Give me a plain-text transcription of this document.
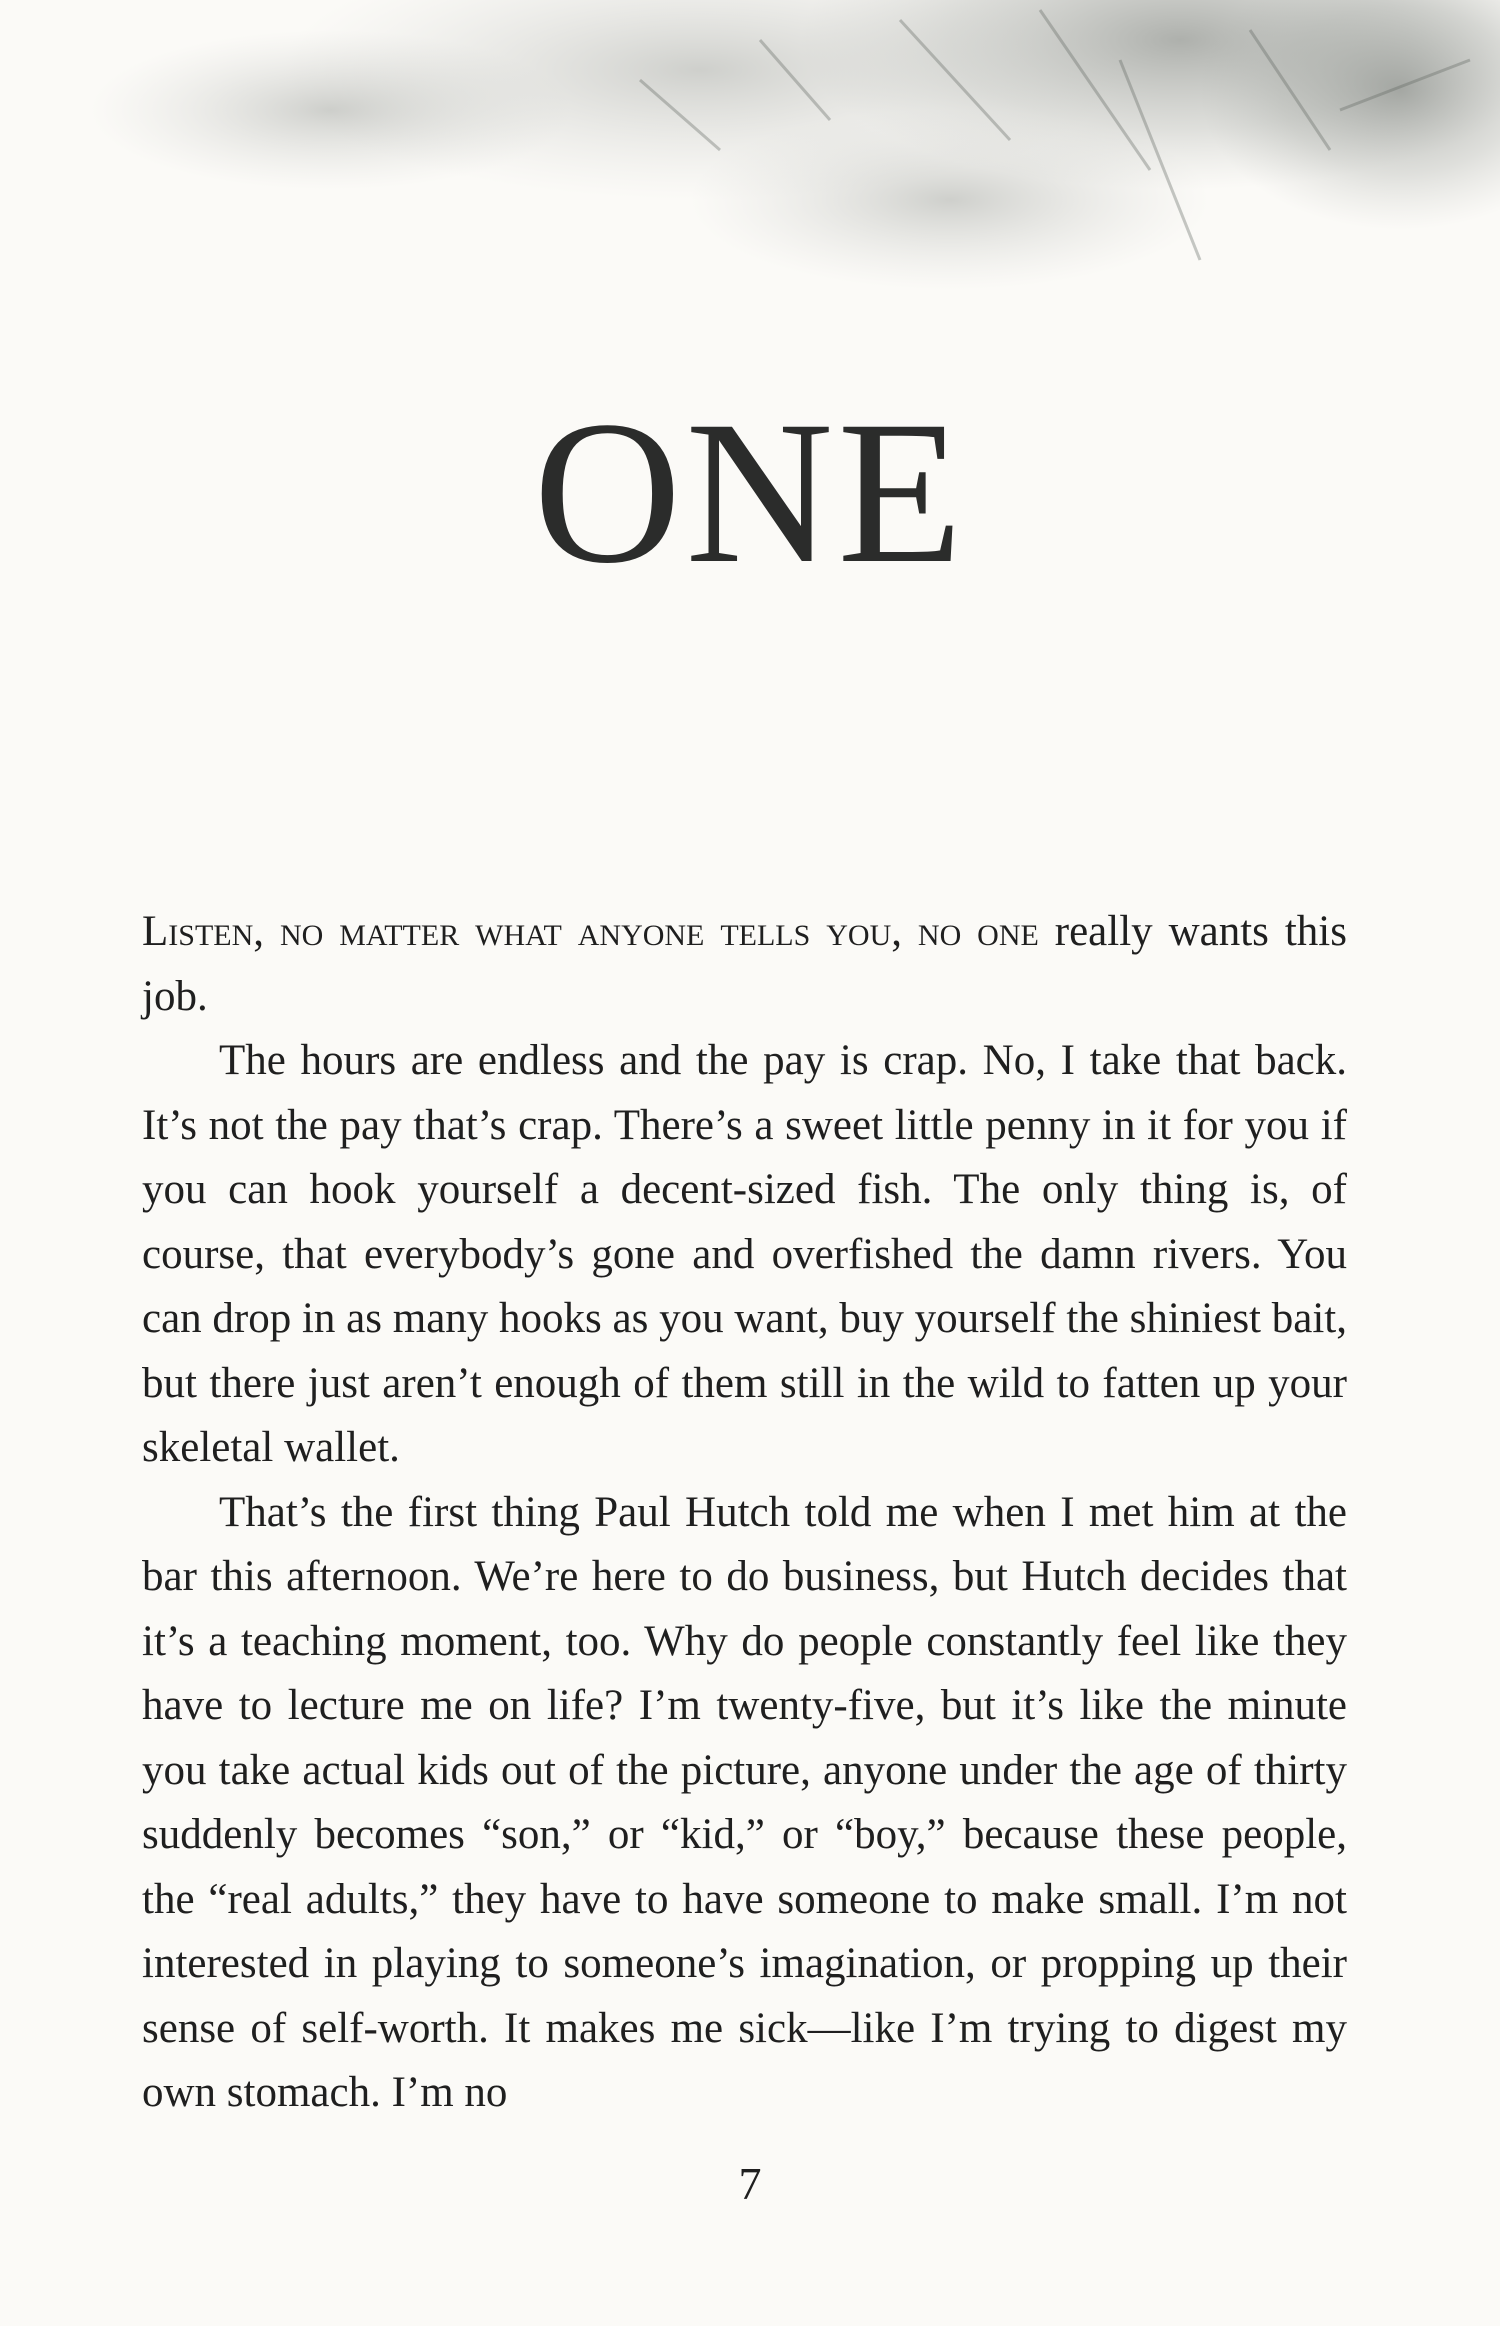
ONE

Listen, no matter what anyone tells you, no one really wants this job.

The hours are endless and the pay is crap. No, I take that back. It’s not the pay that’s crap. There’s a sweet little penny in it for you if you can hook yourself a decent-sized fish. The only thing is, of course, that everybody’s gone and overfished the damn rivers. You can drop in as many hooks as you want, buy yourself the shiniest bait, but there just aren’t enough of them still in the wild to fatten up your skeletal wallet.

That’s the first thing Paul Hutch told me when I met him at the bar this afternoon. We’re here to do business, but Hutch decides that it’s a teaching moment, too. Why do people constantly feel like they have to lecture me on life? I’m twenty-five, but it’s like the minute you take actual kids out of the picture, anyone under the age of thirty suddenly becomes “son,” or “kid,” or “boy,” because these people, the “real adults,” they have to have someone to make small. I’m not interested in playing to someone’s imagination, or propping up their sense of self-worth. It makes me sick—like I’m trying to digest my own stomach. I’m no

7
